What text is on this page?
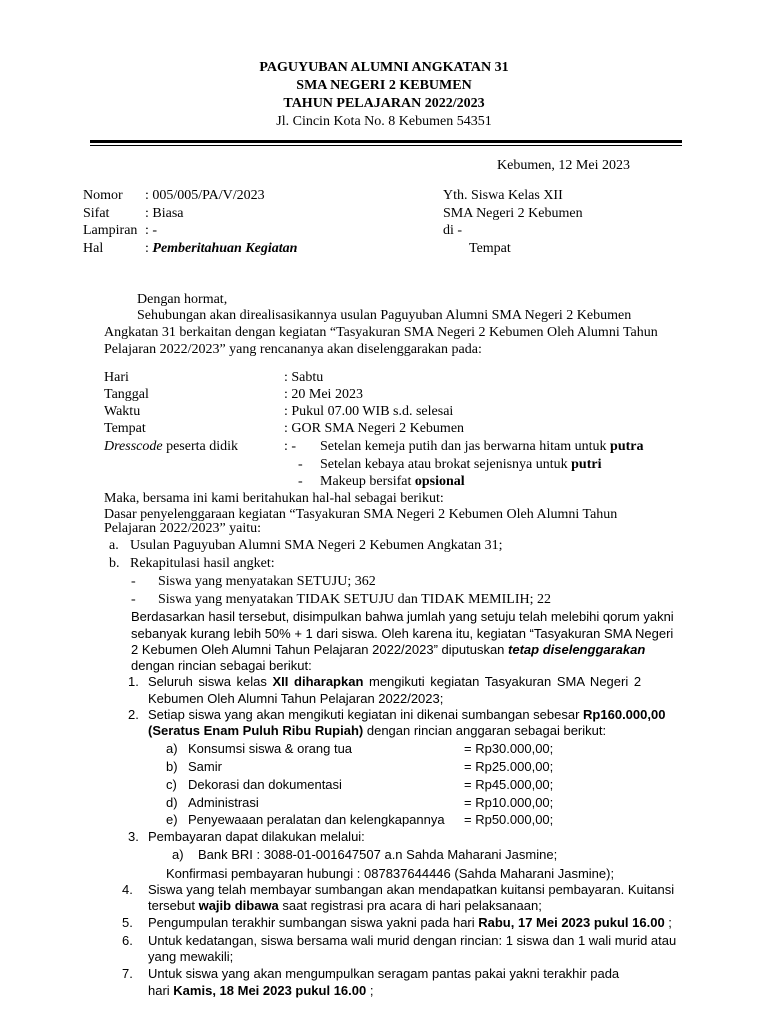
PAGUYUBAN ALUMNI ANGKATAN 31
SMA NEGERI 2 KEBUMEN
TAHUN PELAJARAN 2022/2023
Jl. Cincin Kota No. 8 Kebumen 54351
Kebumen, 12 Mei 2023
Nomor : 005/005/PA/V/2023
Sifat	: Biasa
Lampiran : -
Hal	: Pemberitahuan Kegiatan
Yth. Siswa Kelas XII
SMA Negeri 2 Kebumen
di -
Tempat
Dengan hormat,
Sehubungan akan direalisasikannya usulan Paguyuban Alumni SMA Negeri 2 Kebumen
Angkatan 31 berkaitan dengan kegiatan “Tasyakuran SMA Negeri 2 Kebumen Oleh Alumni Tahun
Pelajaran 2022/2023” yang rencananya akan diselenggarakan pada:
Hari	: Sabtu
Tanggal	: 20 Mei 2023
Waktu	: Pukul 07.00 WIB s.d. selesai
Tempat	: GOR SMA Negeri 2 Kebumen
Dresscode peserta didik	: - Setelan kemeja putih dan jas berwarna hitam untuk putra
- Setelan kebaya atau brokat sejenisnya untuk putri
- Makeup bersifat opsional
Maka, bersama ini kami beritahukan hal-hal sebagai berikut:
Dasar penyelenggaraan kegiatan “Tasyakuran SMA Negeri 2 Kebumen Oleh Alumni Tahun
Pelajaran 2022/2023” yaitu:
a. Usulan Paguyuban Alumni SMA Negeri 2 Kebumen Angkatan 31;
b. Rekapitulasi hasil angket:
- Siswa yang menyatakan SETUJU; 362
- Siswa yang menyatakan TIDAK SETUJU dan TIDAK MEMILIH; 22
Berdasarkan hasil tersebut, disimpulkan bahwa jumlah yang setuju telah melebihi qorum yakni
sebanyak kurang lebih 50% + 1 dari siswa. Oleh karena itu, kegiatan “Tasyakuran SMA Negeri
2 Kebumen Oleh Alumni Tahun Pelajaran 2022/2023” diputuskan tetap diselenggarakan
dengan rincian sebagai berikut:
1. Seluruh siswa kelas XII diharapkan mengikuti kegiatan Tasyakuran SMA Negeri 2
Kebumen Oleh Alumni Tahun Pelajaran 2022/2023;
2. Setiap siswa yang akan mengikuti kegiatan ini dikenai sumbangan sebesar Rp160.000,00
(Seratus Enam Puluh Ribu Rupiah) dengan rincian anggaran sebagai berikut:
a) Konsumsi siswa & orang tua	= Rp30.000,00;
b) Samir	= Rp25.000,00;
c) Dekorasi dan dokumentasi	= Rp45.000,00;
d) Administrasi	= Rp10.000,00;
e) Penyewaaan peralatan dan kelengkapannya = Rp50.000,00;
3. Pembayaran dapat dilakukan melalui:
a) Bank BRI : 3088-01-001647507 a.n Sahda Maharani Jasmine;
Konfirmasi pembayaran hubungi : 087837644446 (Sahda Maharani Jasmine);
4. Siswa yang telah membayar sumbangan akan mendapatkan kuitansi pembayaran. Kuitansi
tersebut wajib dibawa saat registrasi pra acara di hari pelaksanaan;
5. Pengumpulan terakhir sumbangan siswa yakni pada hari Rabu, 17 Mei 2023 pukul 16.00 ;
6. Untuk kedatangan, siswa bersama wali murid dengan rincian: 1 siswa dan 1 wali murid atau
yang mewakili;
7. Untuk siswa yang akan mengumpulkan seragam pantas pakai yakni terakhir pada
hari Kamis, 18 Mei 2023 pukul 16.00 ;
